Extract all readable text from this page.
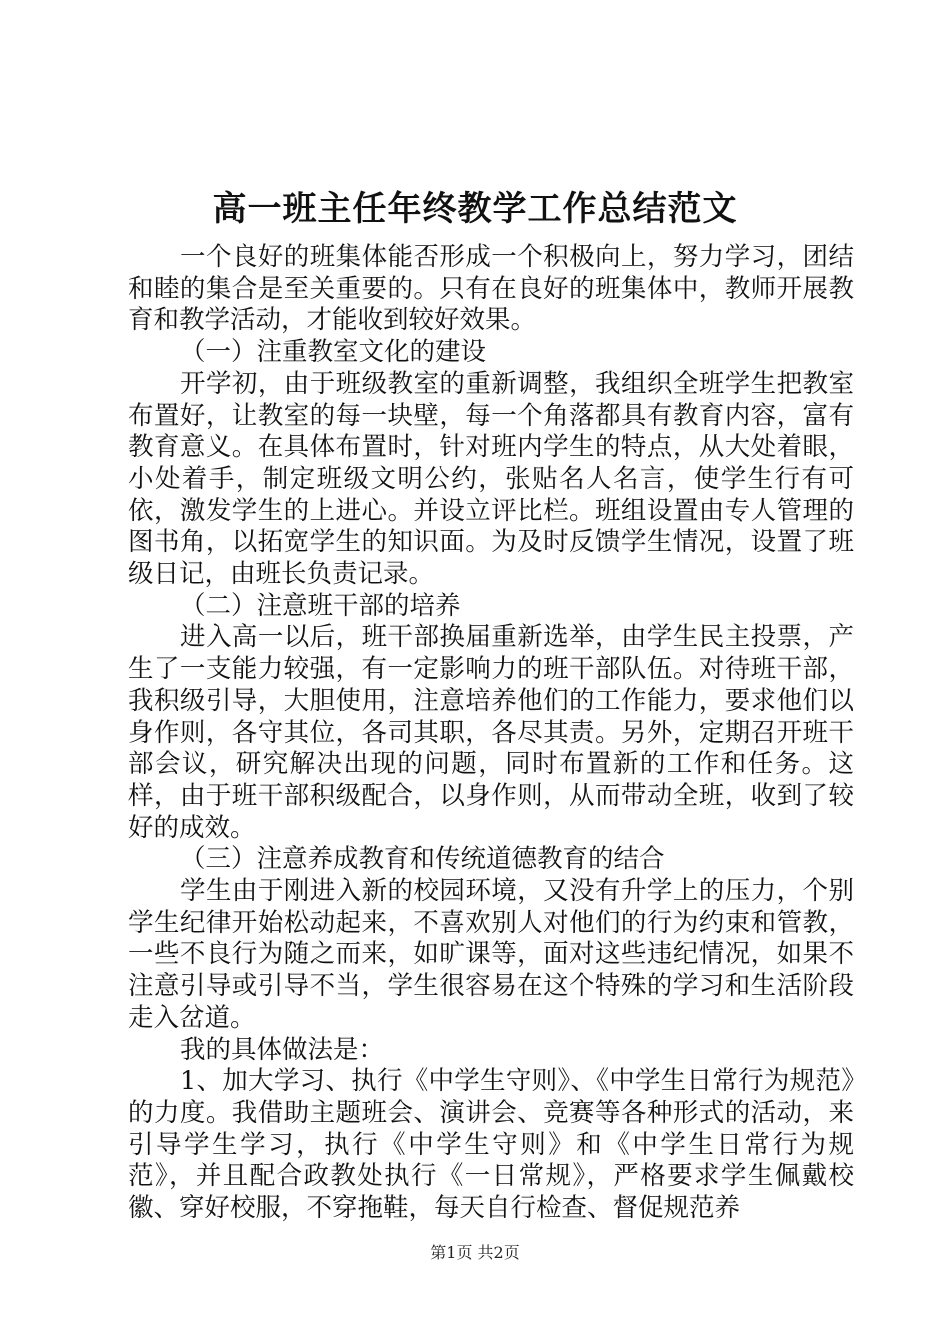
高一班主任年终教学工作总结范文

一个良好的班集体能否形成一个积极向上，努力学习，团结和睦的集合是至关重要的。只有在良好的班集体中，教师开展教育和教学活动，才能收到较好效果。

（一）注重教室文化的建设

开学初，由于班级教室的重新调整，我组织全班学生把教室布置好，让教室的每一块壁，每一个角落都具有教育内容，富有教育意义。在具体布置时，针对班内学生的特点，从大处着眼，小处着手，制定班级文明公约，张贴名人名言，使学生行有可依，激发学生的上进心。并设立评比栏。班组设置由专人管理的图书角，以拓宽学生的知识面。为及时反馈学生情况，设置了班级日记，由班长负责记录。

（二）注意班干部的培养

进入高一以后，班干部换届重新选举，由学生民主投票，产生了一支能力较强，有一定影响力的班干部队伍。对待班干部，我积级引导，大胆使用，注意培养他们的工作能力，要求他们以身作则，各守其位，各司其职，各尽其责。另外，定期召开班干部会议，研究解决出现的问题，同时布置新的工作和任务。这样，由于班干部积级配合，以身作则，从而带动全班，收到了较好的成效。

（三）注意养成教育和传统道德教育的结合

学生由于刚进入新的校园环境，又没有升学上的压力，个别学生纪律开始松动起来，不喜欢别人对他们的行为约束和管教，一些不良行为随之而来，如旷课等，面对这些违纪情况，如果不注意引导或引导不当，学生很容易在这个特殊的学习和生活阶段走入岔道。

我的具体做法是：

1、加大学习、执行《中学生守则》、《中学生日常行为规范》的力度。我借助主题班会、演讲会、竞赛等各种形式的活动，来引导学生学习，执行《中学生守则》和《中学生日常行为规范》，并且配合政教处执行《一日常规》，严格要求学生佩戴校徽、穿好校服，不穿拖鞋，每天自行检查、督促规范养

第1页 共2页
